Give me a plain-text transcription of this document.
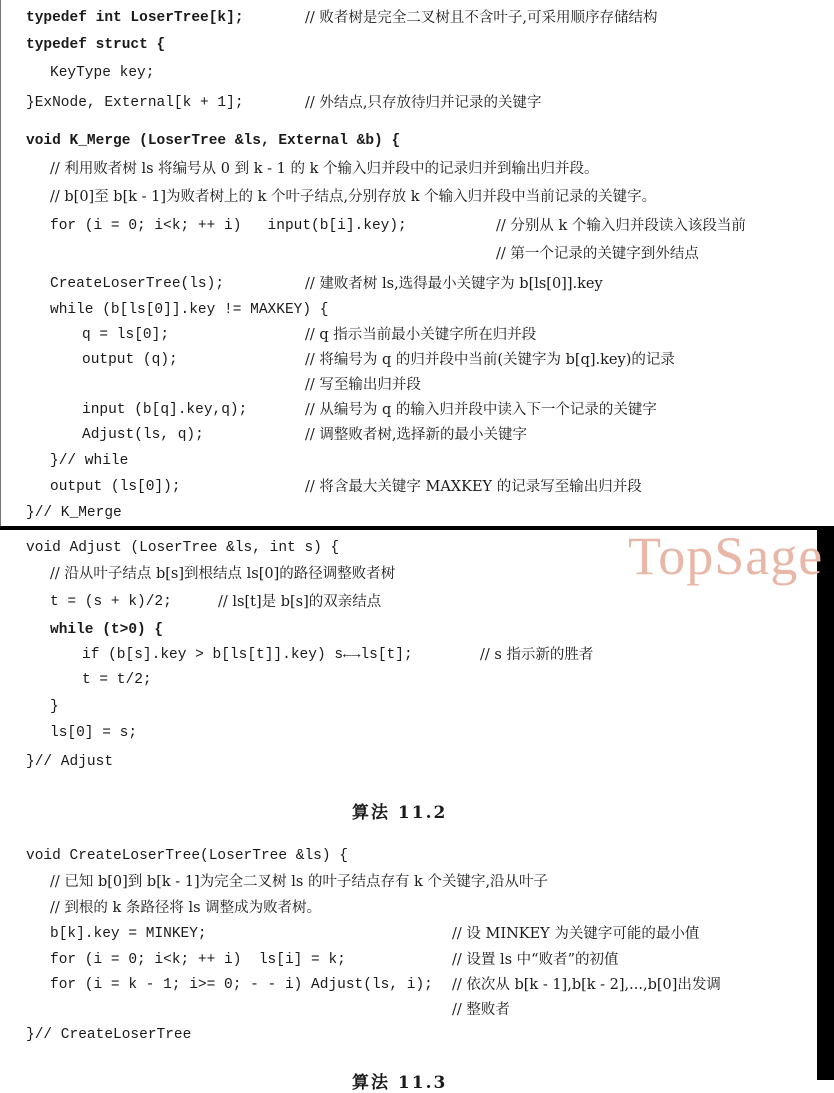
typedef int LoserTree[k];	// 败者树是完全二叉树且不含叶子,可采用顺序存储结构
typedef struct {
KeyType key;
}ExNode, External[k + 1];	// 外结点,只存放待归并记录的关键字
void K_Merge (LoserTree &ls, External &b) {
// 利用败者树 ls 将编号从 0 到 k - 1 的 k 个输入归并段中的记录归并到输出归并段。
// b[0]至 b[k - 1]为败者树上的 k 个叶子结点,分别存放 k 个输入归并段中当前记录的关键字。
for (i = 0; i<k; ++ i)   input(b[i].key);	// 分别从 k 个输入归并段读入该段当前
// 第一个记录的关键字到外结点
CreateLoserTree(ls);	// 建败者树 ls,选得最小关键字为 b[ls[0]].key
while (b[ls[0]].key != MAXKEY) {
q = ls[0];	// q 指示当前最小关键字所在归并段
output (q);	// 将编号为 q 的归并段中当前(关键字为 b[q].key)的记录
// 写至输出归并段
input (b[q].key,q);	// 从编号为 q 的输入归并段中读入下一个记录的关键字
Adjust(ls, q);	// 调整败者树,选择新的最小关键字
}// while
output (ls[0]);	// 将含最大关键字 MAXKEY 的记录写至输出归并段
}// K_Merge
TopSage
void Adjust (LoserTree &ls, int s) {
// 沿从叶子结点 b[s]到根结点 ls[0]的路径调整败者树
t = (s + k)/2;	// ls[t]是 b[s]的双亲结点
while (t>0) {
if (b[s].key > b[ls[t]].key) s←→ls[t];	// s 指示新的胜者
t = t/2;
}
ls[0] = s;
}// Adjust
算法 11.2
void CreateLoserTree(LoserTree &ls) {
// 已知 b[0]到 b[k - 1]为完全二叉树 ls 的叶子结点存有 k 个关键字,沿从叶子
// 到根的 k 条路径将 ls 调整成为败者树。
b[k].key = MINKEY;	// 设 MINKEY 为关键字可能的最小值
for (i = 0; i<k; ++ i)  ls[i] = k;	// 设置 ls 中“败者”的初值
for (i = k - 1; i>= 0; - - i) Adjust(ls, i); // 依次从 b[k - 1],b[k - 2],...,b[0]出发调
// 整败者
}// CreateLoserTree
算法 11.3
